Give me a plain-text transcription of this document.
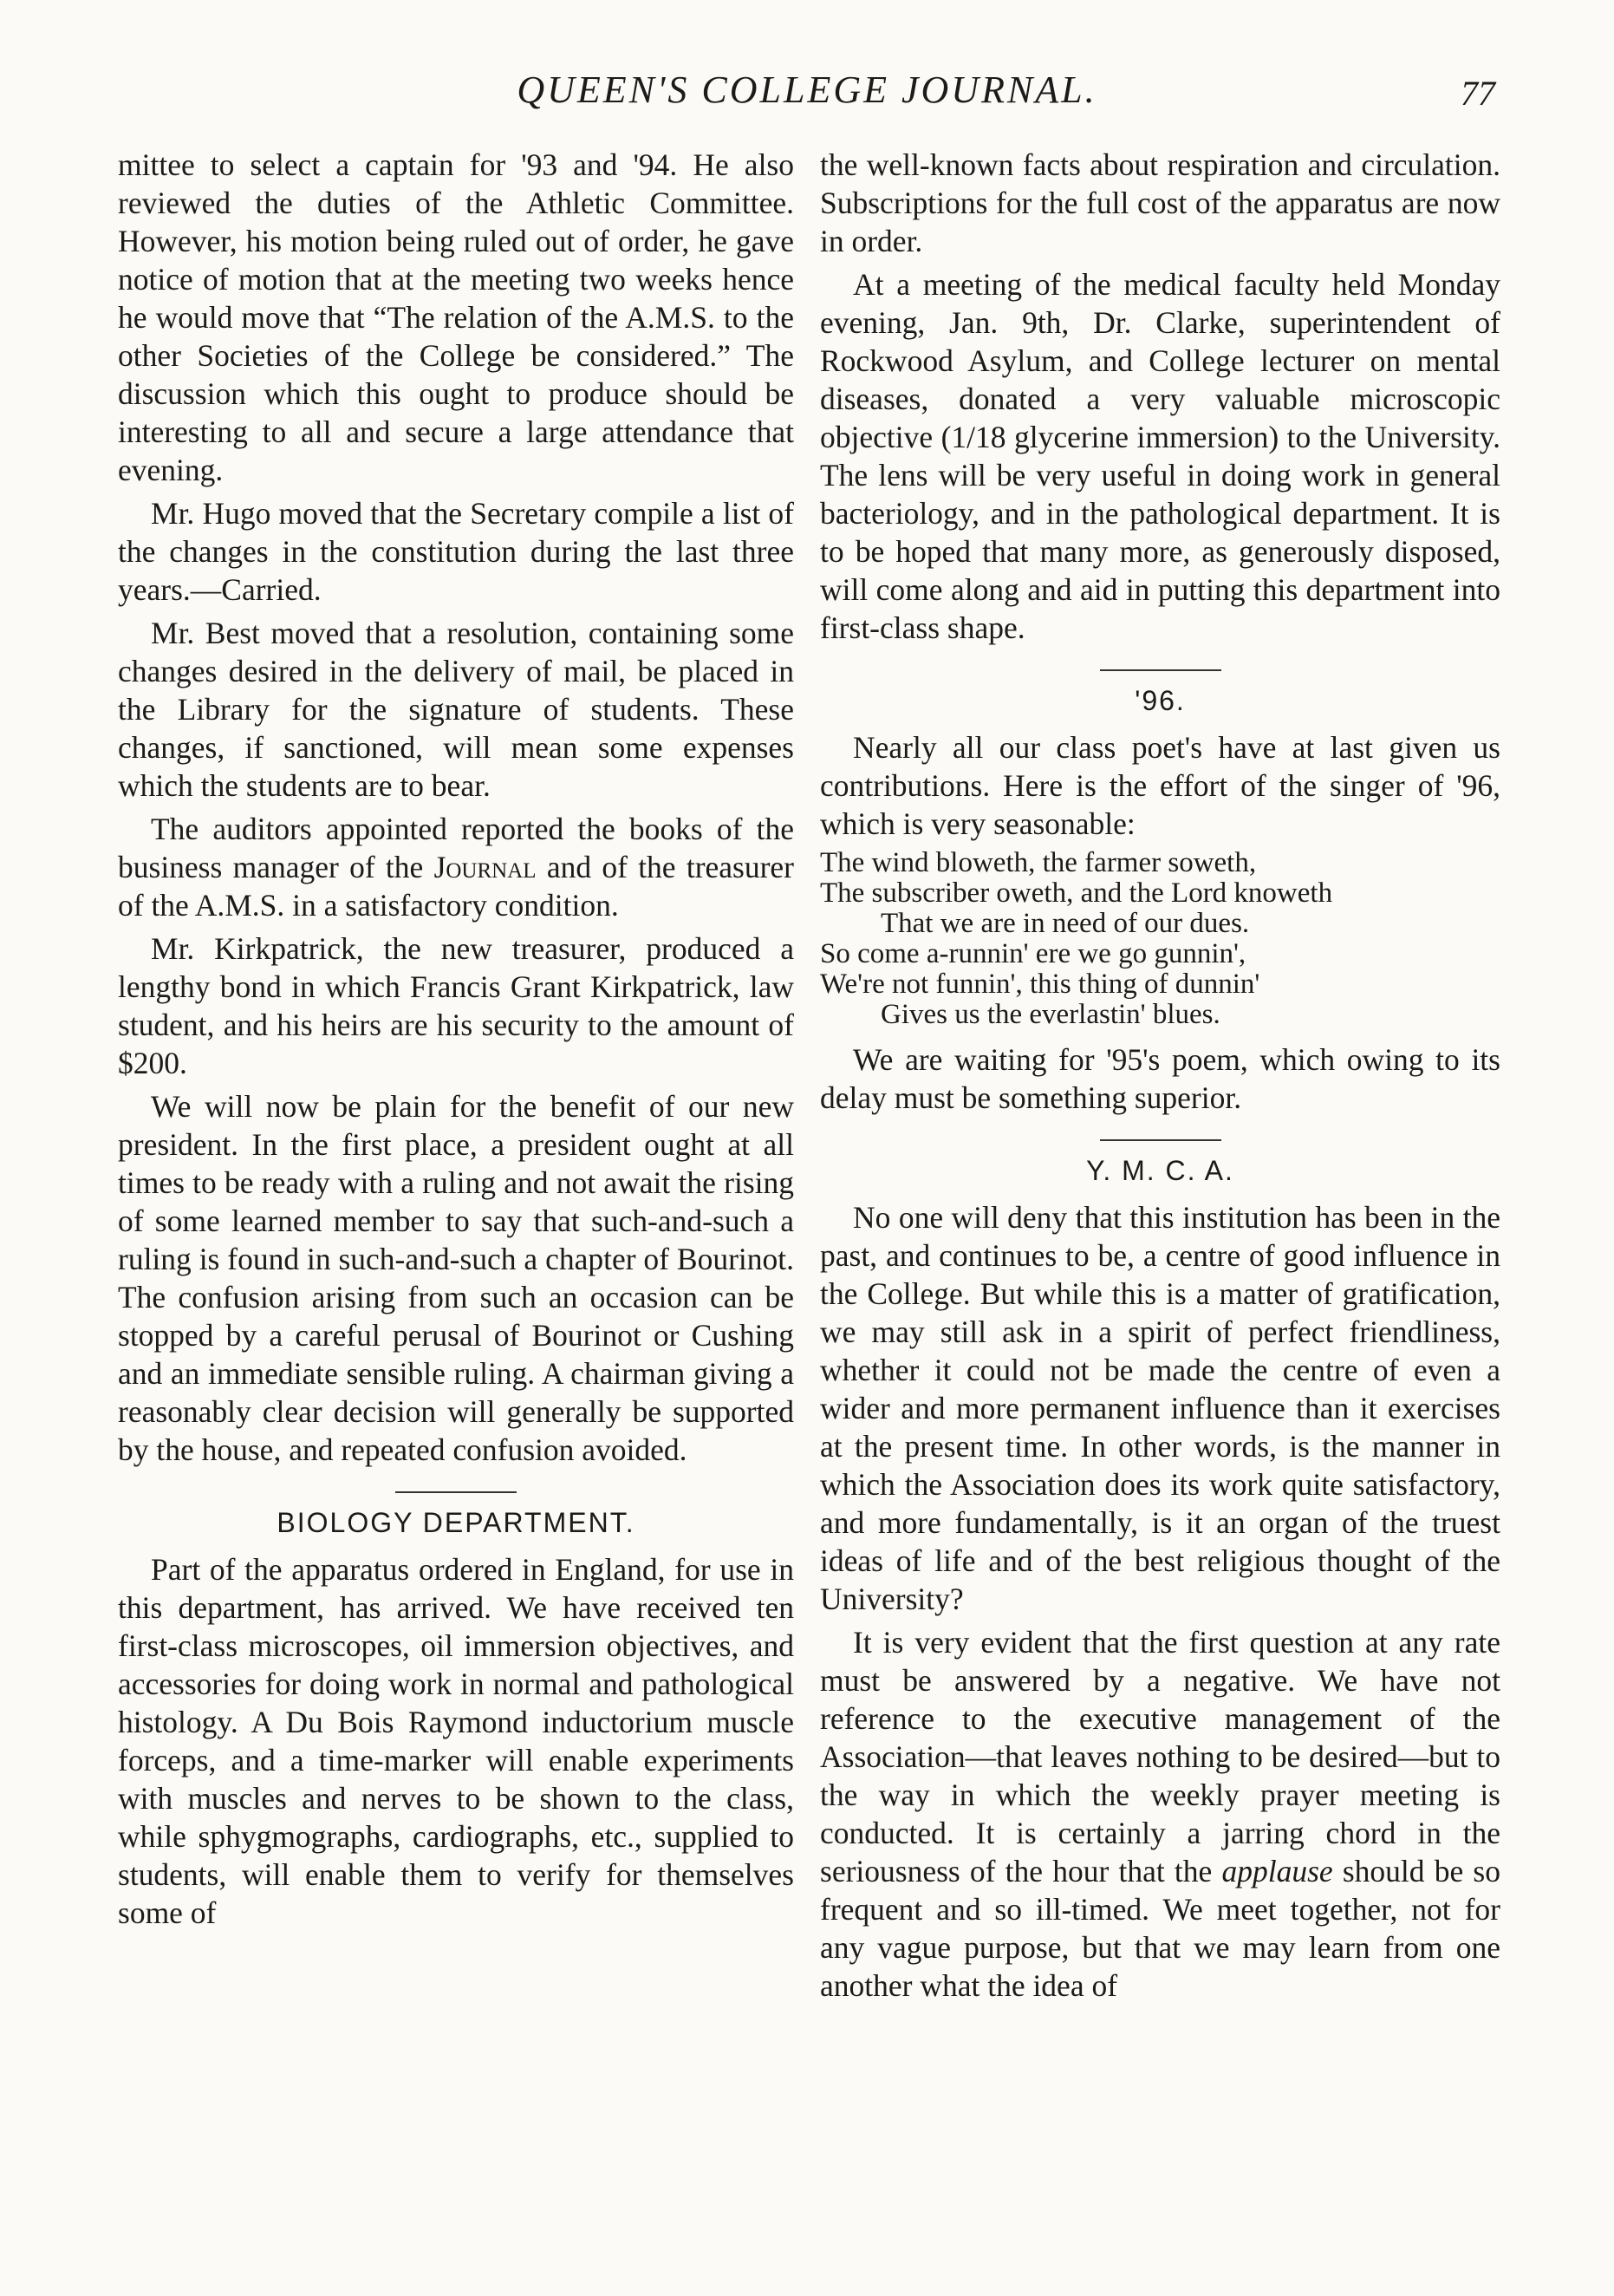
QUEEN'S COLLEGE JOURNAL.	77

mittee to select a captain for '93 and '94. He also reviewed the duties of the Athletic Committee. However, his motion being ruled out of order, he gave notice of motion that at the meeting two weeks hence he would move that “The relation of the A.M.S. to the other Societies of the College be considered.” The discussion which this ought to produce should be interesting to all and secure a large attendance that evening.

Mr. Hugo moved that the Secretary compile a list of the changes in the constitution during the last three years.—Carried.

Mr. Best moved that a resolution, containing some changes desired in the delivery of mail, be placed in the Library for the signature of students. These changes, if sanctioned, will mean some expenses which the students are to bear.

The auditors appointed reported the books of the business manager of the Journal and of the treasurer of the A.M.S. in a satisfactory condition.

Mr. Kirkpatrick, the new treasurer, produced a lengthy bond in which Francis Grant Kirkpatrick, law student, and his heirs are his security to the amount of $200.

We will now be plain for the benefit of our new president. In the first place, a president ought at all times to be ready with a ruling and not await the rising of some learned member to say that such-and-such a ruling is found in such-and-such a chapter of Bourinot. The confusion arising from such an occasion can be stopped by a careful perusal of Bourinot or Cushing and an immediate sensible ruling. A chairman giving a reasonably clear decision will generally be supported by the house, and repeated confusion avoided.

BIOLOGY DEPARTMENT.

Part of the apparatus ordered in England, for use in this department, has arrived. We have received ten first-class microscopes, oil immersion objectives, and accessories for doing work in normal and pathological histology. A Du Bois Raymond inductorium muscle forceps, and a time-marker will enable experiments with muscles and nerves to be shown to the class, while sphygmographs, cardiographs, etc., supplied to students, will enable them to verify for themselves some of

the well-known facts about respiration and circulation. Subscriptions for the full cost of the apparatus are now in order.

At a meeting of the medical faculty held Monday evening, Jan. 9th, Dr. Clarke, superintendent of Rockwood Asylum, and College lecturer on mental diseases, donated a very valuable microscopic objective (1/18 glycerine immersion) to the University. The lens will be very useful in doing work in general bacteriology, and in the pathological department. It is to be hoped that many more, as generously disposed, will come along and aid in putting this department into first-class shape.

'96.

Nearly all our class poet's have at last given us contributions. Here is the effort of the singer of '96, which is very seasonable:

The wind bloweth, the farmer soweth,
The subscriber oweth, and the Lord knoweth
That we are in need of our dues.
So come a-runnin' ere we go gunnin',
We're not funnin', this thing of dunnin'
Gives us the everlastin' blues.

We are waiting for '95's poem, which owing to its delay must be something superior.

Y. M. C. A.

No one will deny that this institution has been in the past, and continues to be, a centre of good influence in the College. But while this is a matter of gratification, we may still ask in a spirit of perfect friendliness, whether it could not be made the centre of even a wider and more permanent influence than it exercises at the present time. In other words, is the manner in which the Association does its work quite satisfactory, and more fundamentally, is it an organ of the truest ideas of life and of the best religious thought of the University?

It is very evident that the first question at any rate must be answered by a negative. We have not reference to the executive management of the Association—that leaves nothing to be desired—but to the way in which the weekly prayer meeting is conducted. It is certainly a jarring chord in the seriousness of the hour that the applause should be so frequent and so ill-timed. We meet together, not for any vague purpose, but that we may learn from one another what the idea of
